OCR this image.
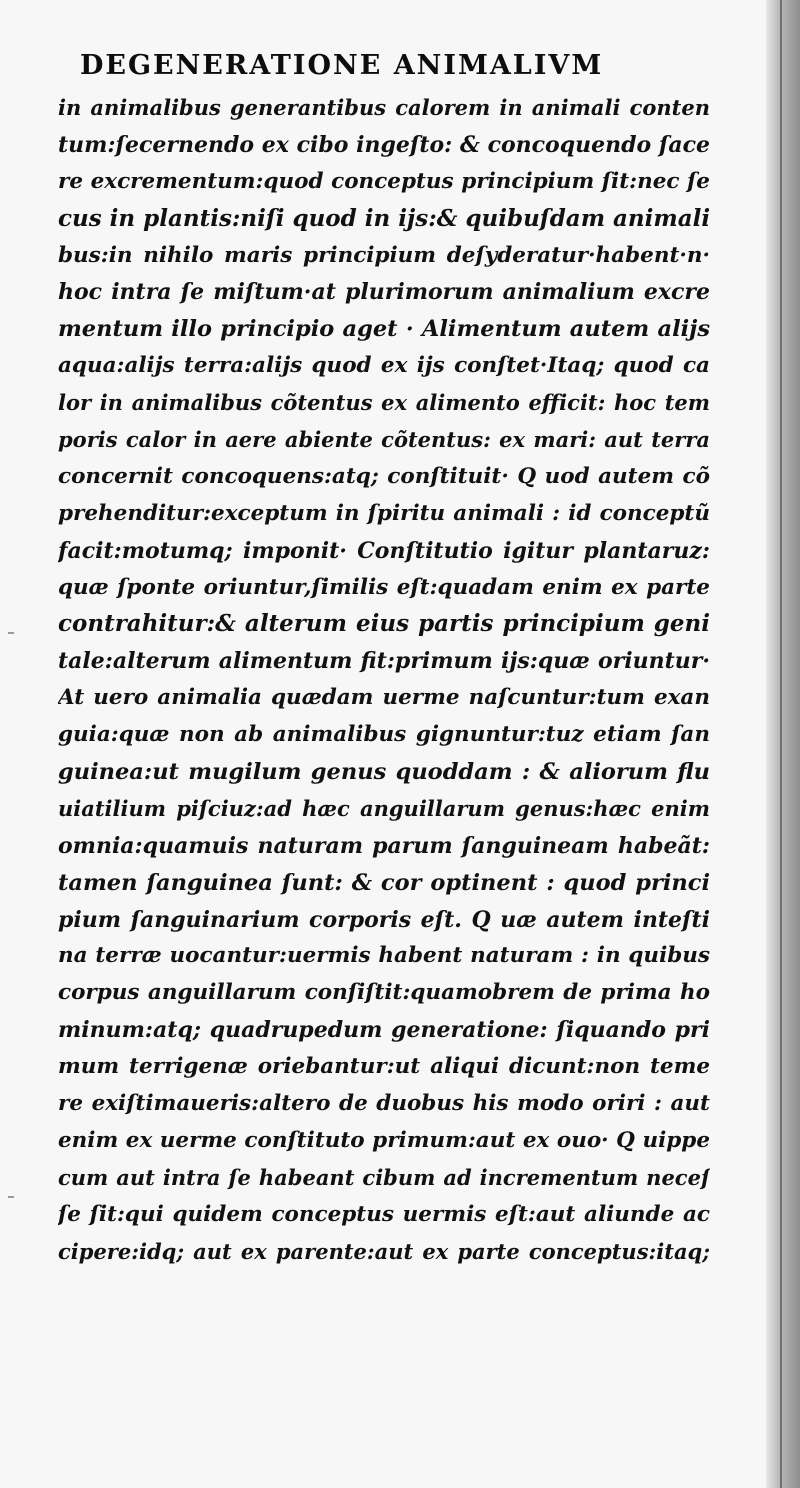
DEGENERATIONE ANIMALIVM
in animalibus generantibus calorem in animali conten
tum:ſecernendo ex cibo ingeſto: & concoquendo ſace
re excrementum:quod conceptus principium ſit:nec ſe
cus in plantis:niſi quod in ijs:& quibuſdam animali
bus:in nihilo maris principium deſyderatur·habent·n·
hoc intra ſe miſtum·at plurimorum animalium excre
mentum illo principio aget · Alimentum autem alijs
aqua:alijs terra:alijs quod ex ijs conſtet·Itaq; quod ca
lor in animalibus cõtentus ex alimento efficit: hoc tem
poris calor in aere abiente cõtentus: ex mari: aut terra
concernit concoquens:atq; conſtituit· Q uod autem cõ
prehenditur:exceptum in ſpiritu animali : id conceptũ
facit:motumq; imponit· Conſtitutio igitur plantaruz:
quæ ſponte oriuntur,ſimilis eſt:quadam enim ex parte
contrahitur:& alterum eius partis principium geni
tale:alterum alimentum fit:primum ijs:quæ oriuntur·
At uero animalia quædam uerme naſcuntur:tum exan
guia:quæ non ab animalibus gignuntur:tuz etiam ſan
guinea:ut mugilum genus quoddam : & aliorum flu
uiatilium piſciuz:ad hæc anguillarum genus:hæc enim
omnia:quamuis naturam parum ſanguineam habeãt:
tamen ſanguinea ſunt: & cor optinent : quod princi
pium ſanguinarium corporis eſt. Q uæ autem inteſti
na terræ uocantur:uermis habent naturam : in quibus
corpus anguillarum conſiſtit:quamobrem de prima ho
minum:atq; quadrupedum generatione: ſiquando pri
mum terrigenæ oriebantur:ut aliqui dicunt:non teme
re exiſtimaueris:altero de duobus his modo oriri : aut
enim ex uerme conſtituto primum:aut ex ouo· Q uippe
cum aut intra ſe habeant cibum ad incrementum neceſ
ſe ſit:qui quidem conceptus uermis eſt:aut aliunde ac
cipere:idq; aut ex parente:aut ex parte conceptus:itaq;
